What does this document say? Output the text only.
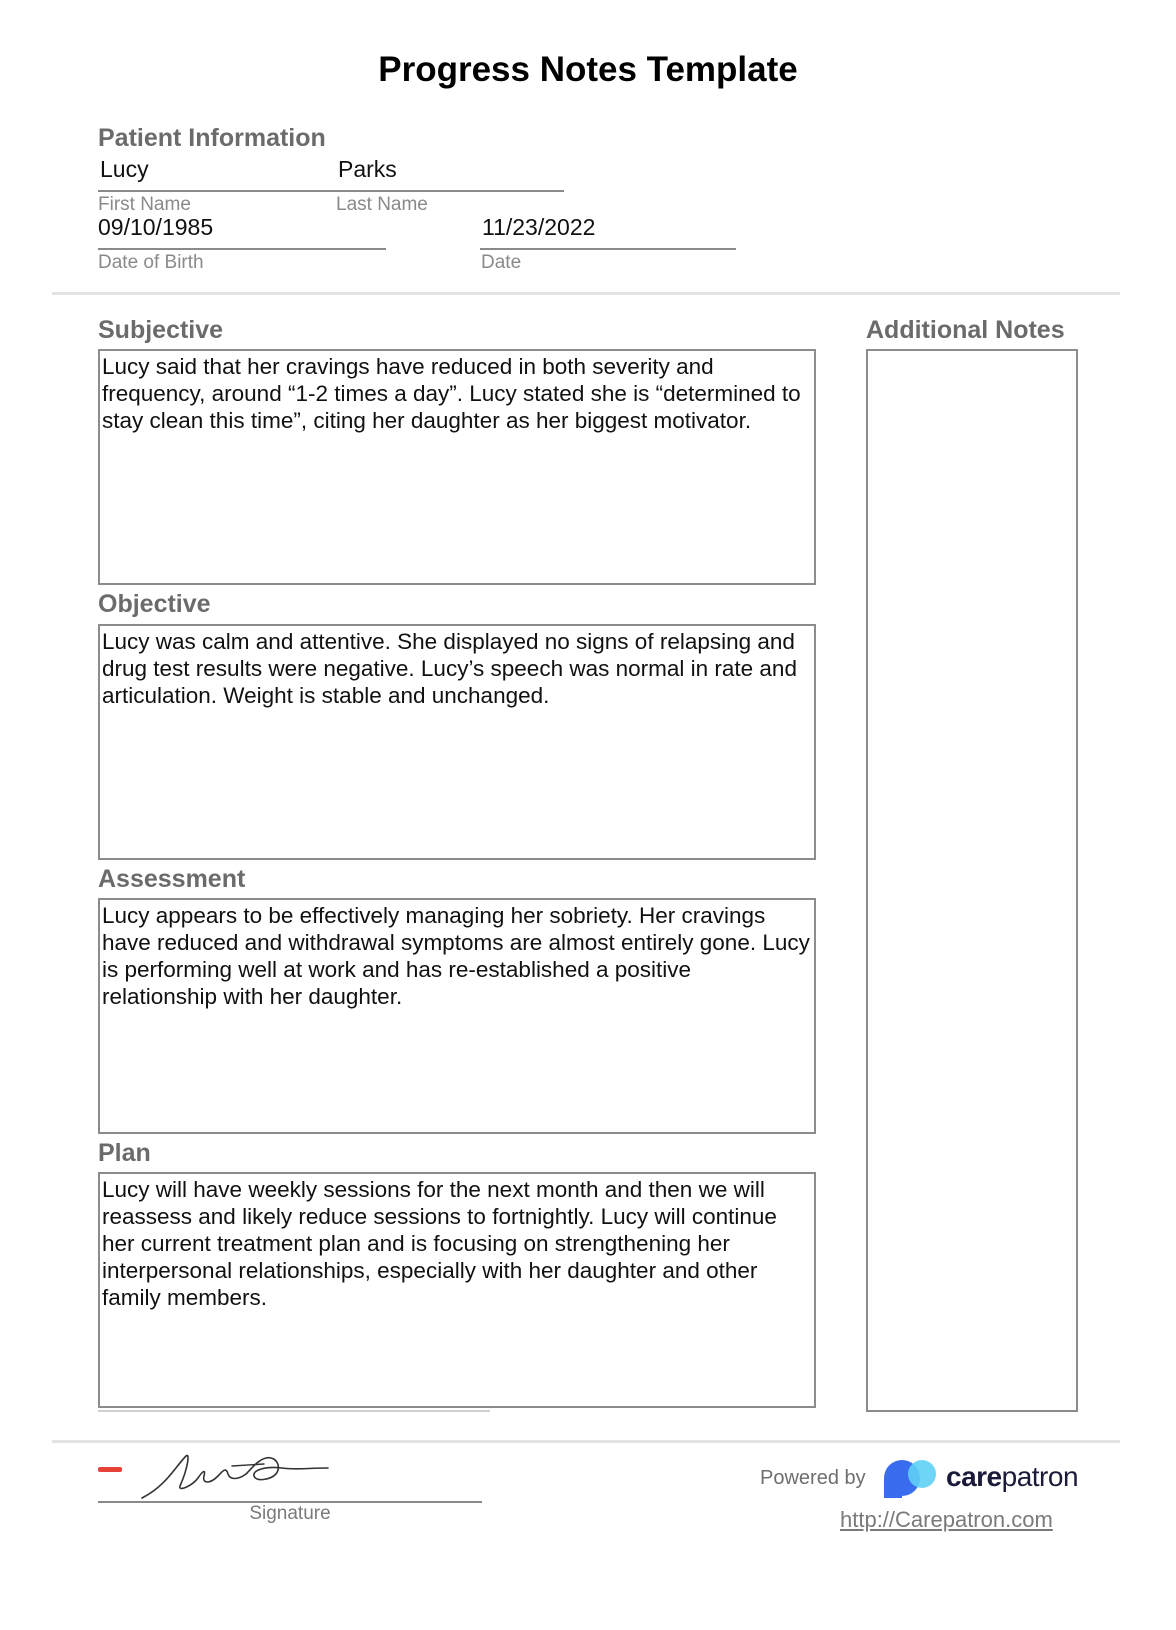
Progress Notes Template
Patient Information
Lucy	Parks
First Name	Last Name
09/10/1985
Date of Birth
11/23/2022
Date
Subjective
Lucy said that her cravings have reduced in both severity and frequency, around “1-2 times a day”. Lucy stated she is “determined to stay clean this time”, citing her daughter as her biggest motivator.
Objective
Lucy was calm and attentive. She displayed no signs of relapsing and drug test results were negative. Lucy’s speech was normal in rate and articulation. Weight is stable and unchanged.
Assessment
Lucy appears to be effectively managing her sobriety. Her cravings have reduced and withdrawal symptoms are almost entirely gone. Lucy is performing well at work and has re-established a positive relationship with her daughter.
Plan
Lucy will have weekly sessions for the next month and then we will reassess and likely reduce sessions to fortnightly. Lucy will continue her current treatment plan and is focusing on strengthening her interpersonal relationships, especially with her daughter and other family members.
Additional Notes
Signature
Powered by	carepatron
http://Carepatron.com
